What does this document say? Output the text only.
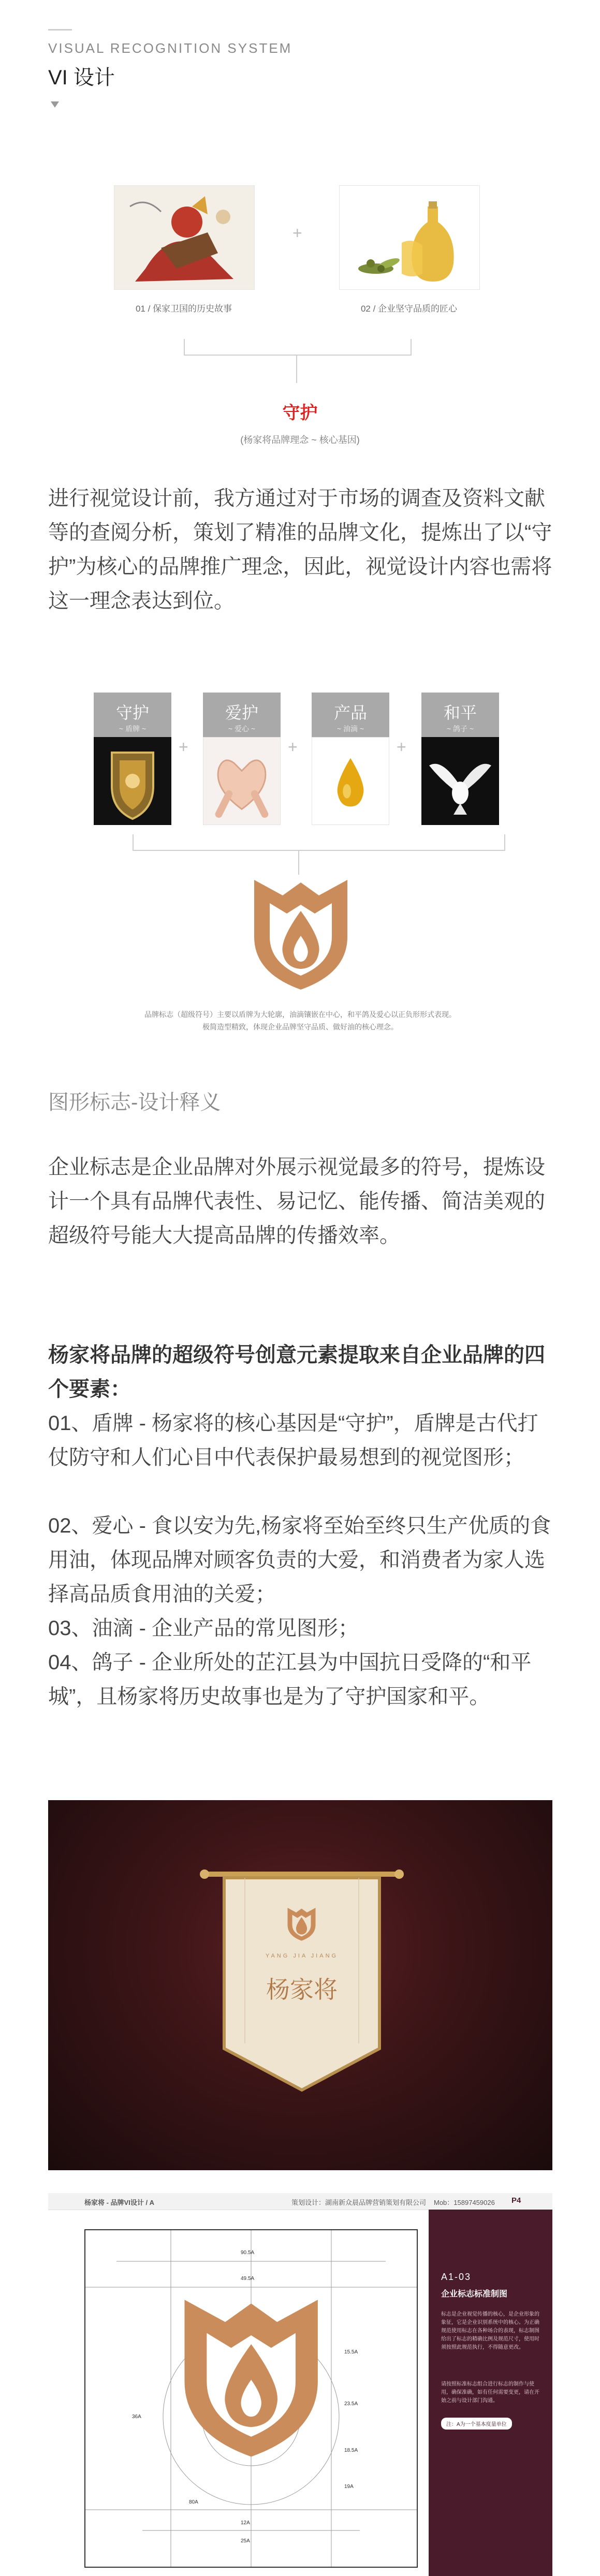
VISUAL RECOGNITION SYSTEM
VI 设计
+
01 / 保家卫国的历史故事	02 / 企业坚守品质的匠心
守护
(杨家将品牌理念 ~ 核心基因)
进行视觉设计前，我方通过对于市场的调查及资料文献等的查阅分析，策划了精准的品牌文化，提炼出了以“守护”为核心的品牌推广理念，因此，视觉设计内容也需将这一理念表达到位。
守护
~ 盾牌 ~
+
爱护
~ 爱心 ~
+
产品
~ 油滴 ~
+
和平
~ 鸽子 ~
品牌标志（超级符号）主要以盾牌为大轮廓，油滴镶嵌在中心，和平鸽及爱心以正负形形式表现。
极简造型精致，体现企业品牌坚守品质、做好油的核心理念。
图形标志-设计释义
企业标志是企业品牌对外展示视觉最多的符号，提炼设计一个具有品牌代表性、易记忆、能传播、简洁美观的超级符号能大大提高品牌的传播效率。
杨家将品牌的超级符号创意元素提取来自企业品牌的四个要素：
01、盾牌 - 杨家将的核心基因是“守护”，盾牌是古代打仗防守和人们心目中代表保护最易想到的视觉图形；
02、爱心 - 食以安为先,杨家将至始至终只生产优质的食用油，体现品牌对顾客负责的大爱，和消费者为家人选择高品质食用油的关爱；
03、油滴 - 企业产品的常见图形；
04、鸽子 - 企业所处的芷江县为中国抗日受降的“和平城”，且杨家将历史故事也是为了守护国家和平。
YANG JIA JIANG
杨家将
杨家将 - 品牌VI设计 / A	策划设计：湖南新众晨品牌营销策划有限公司 Mob：15897459026 P4
90.5A
49.5A
36A
15.5A
23.5A
18.5A
19A
80A
12A
25A
A1-03
企业标志标准制图
标志是企业视觉传播的核心，是企业形象的象征，它是企业识别系统中的核心。为正确规范使用标志在各种场合的表现，标志制图给出了标志的精确比例及规范尺寸，使用时须按照此规范执行，不得随意更改。
请按照标准标志组合进行标志的制作与使用，确保准确，如有任何需要变更，请在开始之前与设计部门沟通。
注：A为一个基本度量单位
